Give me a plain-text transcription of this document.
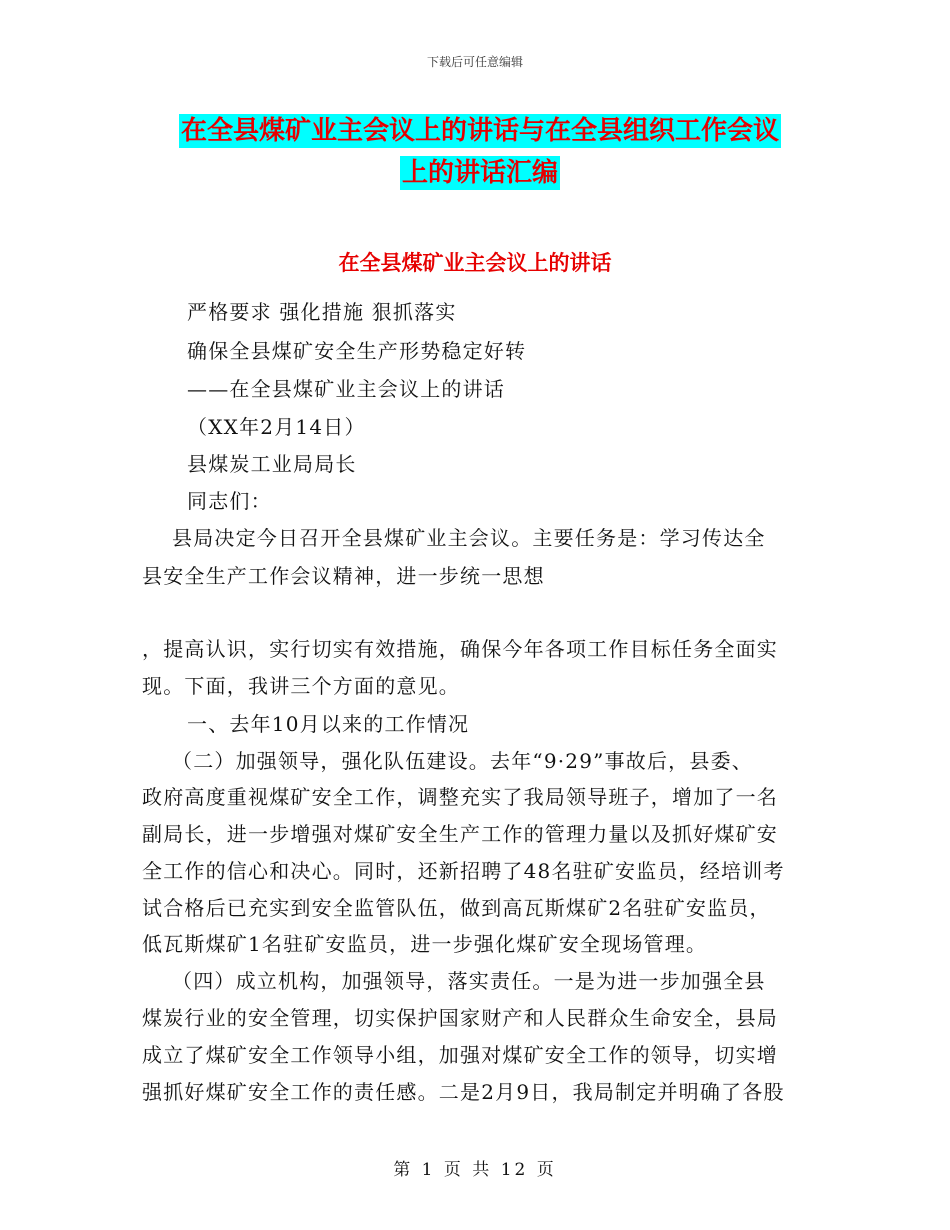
下载后可任意编辑
在全县煤矿业主会议上的讲话与在全县组织工作会议
上的讲话汇编
在全县煤矿业主会议上的讲话
严格要求 强化措施 狠抓落实
确保全县煤矿安全生产形势稳定好转
——在全县煤矿业主会议上的讲话
（XX年2月14日）
县煤炭工业局局长
同志们：
县局决定今日召开全县煤矿业主会议。主要任务是：学习传达全
县安全生产工作会议精神，进一步统一思想
，提高认识，实行切实有效措施，确保今年各项工作目标任务全面实
现。下面，我讲三个方面的意见。
一、去年10月以来的工作情况
（二）加强领导，强化队伍建设。去年“9·29”事故后，县委、
政府高度重视煤矿安全工作，调整充实了我局领导班子，增加了一名
副局长，进一步增强对煤矿安全生产工作的管理力量以及抓好煤矿安
全工作的信心和决心。同时，还新招聘了48名驻矿安监员，经培训考
试合格后已充实到安全监管队伍，做到高瓦斯煤矿2名驻矿安监员，
低瓦斯煤矿1名驻矿安监员，进一步强化煤矿安全现场管理。
（四）成立机构，加强领导，落实责任。一是为进一步加强全县
煤炭行业的安全管理，切实保护国家财产和人民群众生命安全，县局
成立了煤矿安全工作领导小组，加强对煤矿安全工作的领导，切实增
强抓好煤矿安全工作的责任感。二是2月9日，我局制定并明确了各股
第 1 页 共 12 页
